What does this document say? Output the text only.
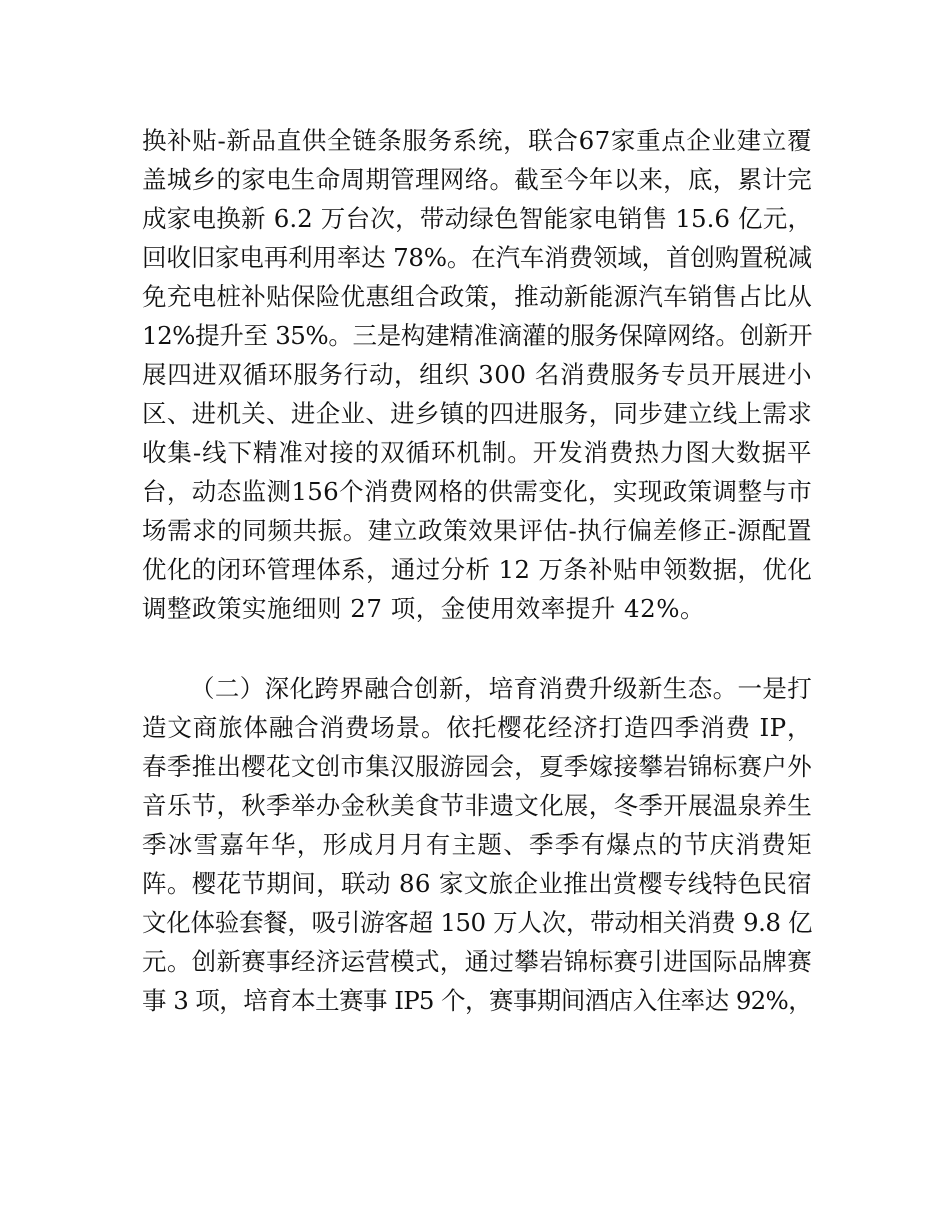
换补贴-新品直供全链条服务系统，联合67家重点企业建立覆
盖城乡的家电生命周期管理网络。截至今年以来，底，累计完
成家电换新 6.2 万台次，带动绿色智能家电销售 15.6 亿元，
回收旧家电再利用率达 78%。在汽车消费领域，首创购置税减
免充电桩补贴保险优惠组合政策，推动新能源汽车销售占比从
12%提升至 35%。三是构建精准滴灌的服务保障网络。创新开
展四进双循环服务行动，组织 300 名消费服务专员开展进小
区、进机关、进企业、进乡镇的四进服务，同步建立线上需求
收集-线下精准对接的双循环机制。开发消费热力图大数据平
台，动态监测156个消费网格的供需变化，实现政策调整与市
场需求的同频共振。建立政策效果评估-执行偏差修正-源配置
优化的闭环管理体系，通过分析 12 万条补贴申领数据，优化
调整政策实施细则 27 项，金使用效率提升 42%。
（二）深化跨界融合创新，培育消费升级新生态。一是打
造文商旅体融合消费场景。依托樱花经济打造四季消费 IP，
春季推出樱花文创市集汉服游园会，夏季嫁接攀岩锦标赛户外
音乐节，秋季举办金秋美食节非遗文化展，冬季开展温泉养生
季冰雪嘉年华，形成月月有主题、季季有爆点的节庆消费矩
阵。樱花节期间，联动 86 家文旅企业推出赏樱专线特色民宿
文化体验套餐，吸引游客超 150 万人次，带动相关消费 9.8 亿
元。创新赛事经济运营模式，通过攀岩锦标赛引进国际品牌赛
事 3 项，培育本土赛事 IP5 个，赛事期间酒店入住率达 92%，
